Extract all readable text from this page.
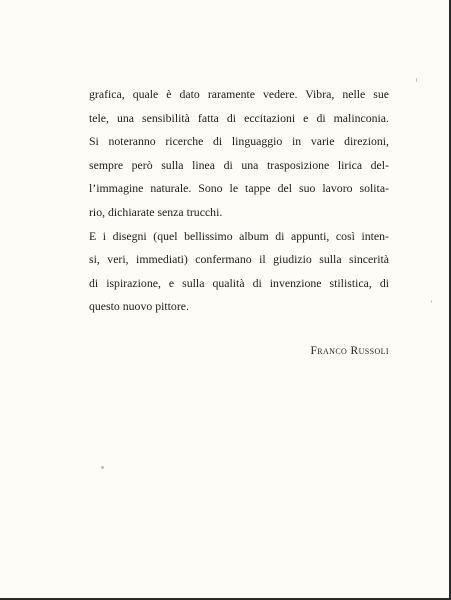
grafica, quale è dato raramente vedere. Vibra, nelle sue
tele, una sensibilità fatta di eccitazioni e di malinconia.
Si noteranno ricerche di linguaggio in varie direzioni,
sempre però sulla linea di una trasposizione lirica del-
l’immagine naturale. Sono le tappe del suo lavoro solita-
rio, dichiarate senza trucchi.
E i disegni (quel bellissimo album di appunti, così inten-
si, veri, immediati) confermano il giudizio sulla sincerità
di ispirazione, e sulla qualità di invenzione stilistica, di
questo nuovo pittore.
Franco Russoli
